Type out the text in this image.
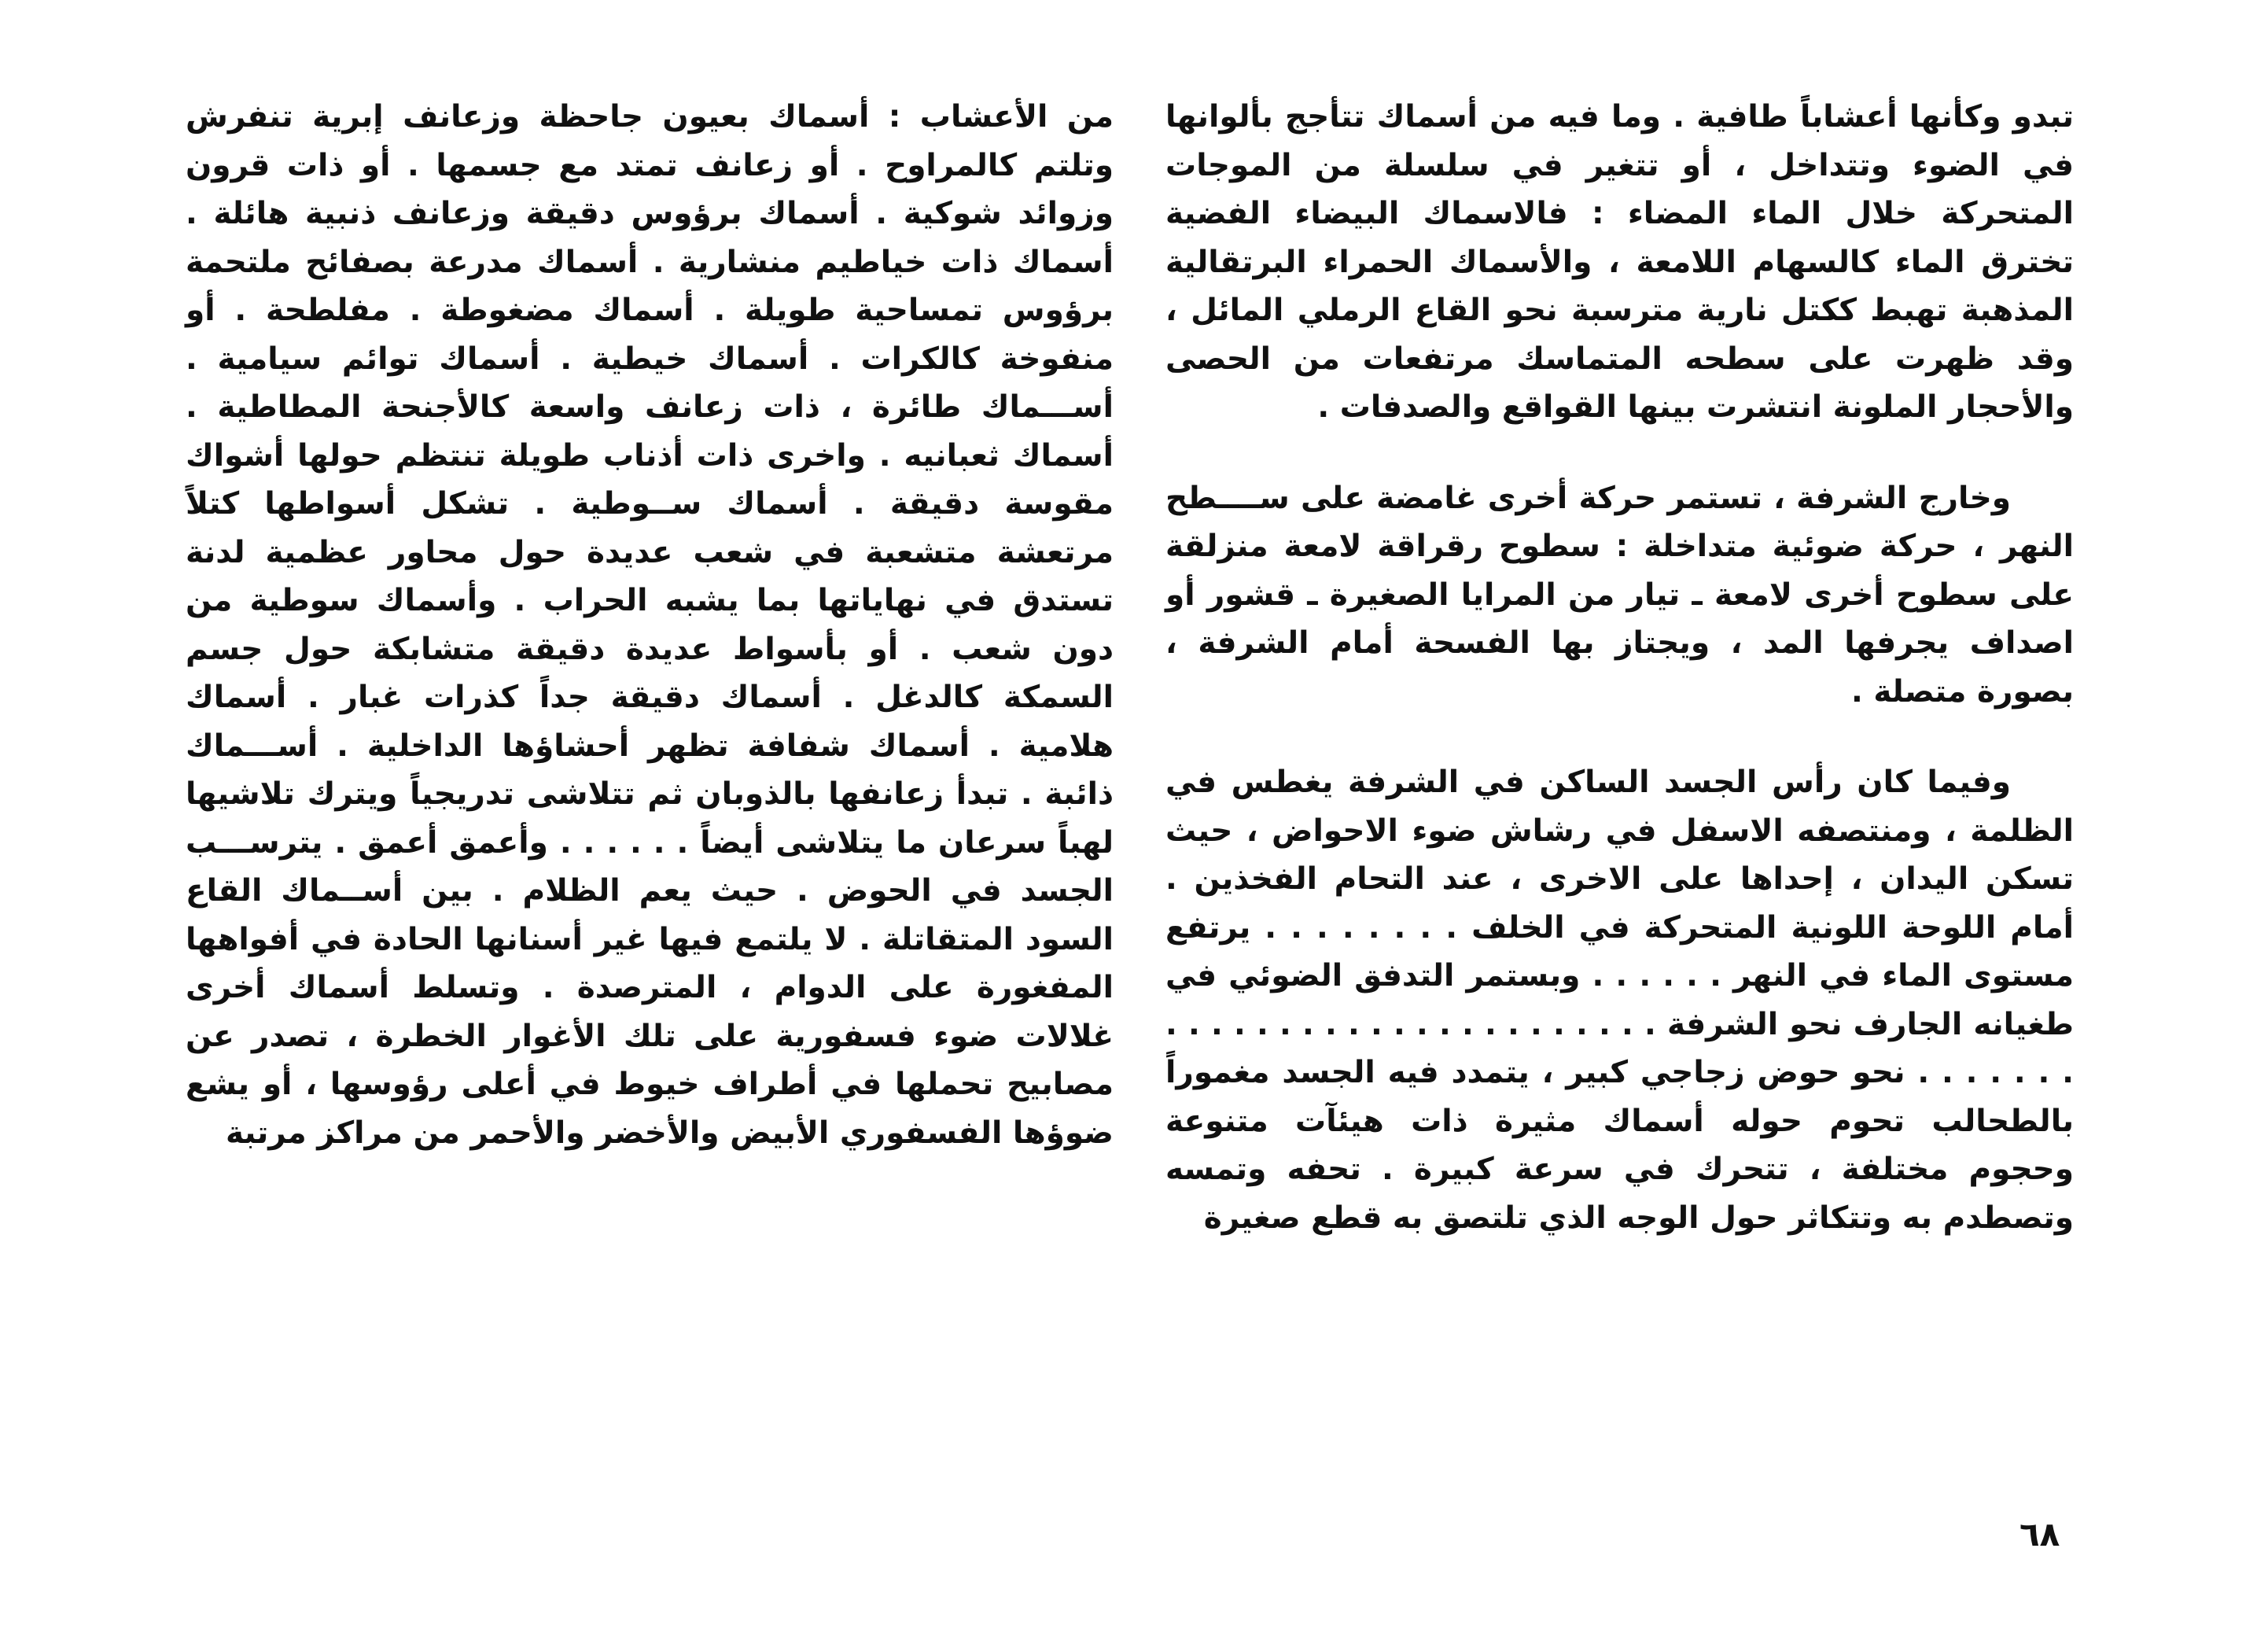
تبدو وكأنها أعشاباً طافية . وما فيه من أسماك تتأجج بألوانها في الضوء وتتداخل ، أو تتغير في سلسلة من الموجات المتحركة خلال الماء المضاء : فالاسماك البيضاء الفضية تخترق الماء كالسهام اللامعة ، والأسماك الحمراء البرتقالية المذهبة تهبط ككتل نارية مترسبة نحو القاع الرملي المائل ، وقد ظهرت على سطحه المتماسك مرتفعات من الحصى والأحجار الملونة انتشرت بينها القواقع والصدفات .

وخارج الشرفة ، تستمر حركة أخرى غامضة على ســــطح النهر ، حركة ضوئية متداخلة : سطوح رقراقة لامعة منزلقة على سطوح أخرى لامعة ـ تيار من المرايا الصغيرة ـ قشور أو اصداف يجرفها المد ، ويجتاز بها الفسحة أمام الشرفة ، بصورة متصلة .

وفيما كان رأس الجسد الساكن في الشرفة يغطس في الظلمة ، ومنتصفه الاسفل في رشاش ضوء الاحواض ، حيث تسكن اليدان ، إحداها على الاخرى ، عند التحام الفخذين . أمام اللوحة اللونية المتحركة في الخلف . . . . . . . . يرتفع مستوى الماء في النهر . . . . . . وبستمر التدفق الضوئي في طغيانه الجارف نحو الشرفة . . . . . . . . . . . . . . . . . . . . . . . . . . . . . نحو حوض زجاجي كبير ، يتمدد فيه الجسد مغموراً بالطحالب تحوم حوله أسماك مثيرة ذات هيئآت متنوعة وحجوم مختلفة ، تتحرك في سرعة كبيرة . تحفه وتمسه وتصطدم به وتتكاثر حول الوجه الذي تلتصق به قطع صغيرة

من الأعشاب : أسماك بعيون جاحظة وزعانف إبرية تنفرش وتلتم كالمراوح . أو زعانف تمتد مع جسمها . أو ذات قرون وزوائد شوكية . أسماك برؤوس دقيقة وزعانف ذنبية هائلة . أسماك ذات خياطيم منشارية . أسماك مدرعة بصفائح ملتحمة برؤوس تمساحية طويلة . أسماك مضغوطة . مفلطحة . أو منفوخة كالكرات . أسماك خيطية . أسماك توائم سيامية . أســـماك طائرة ، ذات زعانف واسعة كالأجنحة المطاطية . أسماك ثعبانيه . واخرى ذات أذناب طويلة تنتظم حولها أشواك مقوسة دقيقة . أسماك ســوطية . تشكل أسواطها كتلاً مرتعشة متشعبة في شعب عديدة حول محاور عظمية لدنة تستدق في نهاياتها بما يشبه الحراب . وأسماك سوطية من دون شعب . أو بأسواط عديدة دقيقة متشابكة حول جسم السمكة كالدغل . أسماك دقيقة جداً كذرات غبار . أسماك هلامية . أسماك شفافة تظهر أحشاؤها الداخلية . أســـماك ذائبة . تبدأ زعانفها بالذوبان ثم تتلاشى تدريجياً ويترك تلاشيها لهباً سرعان ما يتلاشى أيضاً . . . . . . وأعمق أعمق . يترســـب الجسد في الحوض . حيث يعم الظلام . بين أســماك القاع السود المتقاتلة . لا يلتمع فيها غير أسنانها الحادة في أفواهها المفغورة على الدوام ، المترصدة . وتسلط أسماك أخرى غلالات ضوء فسفورية على تلك الأغوار الخطرة ، تصدر عن مصابيح تحملها في أطراف خيوط في أعلى رؤوسها ، أو يشع ضوؤها الفسفوري الأبيض والأخضر والأحمر من مراكز مرتبة

٦٨
